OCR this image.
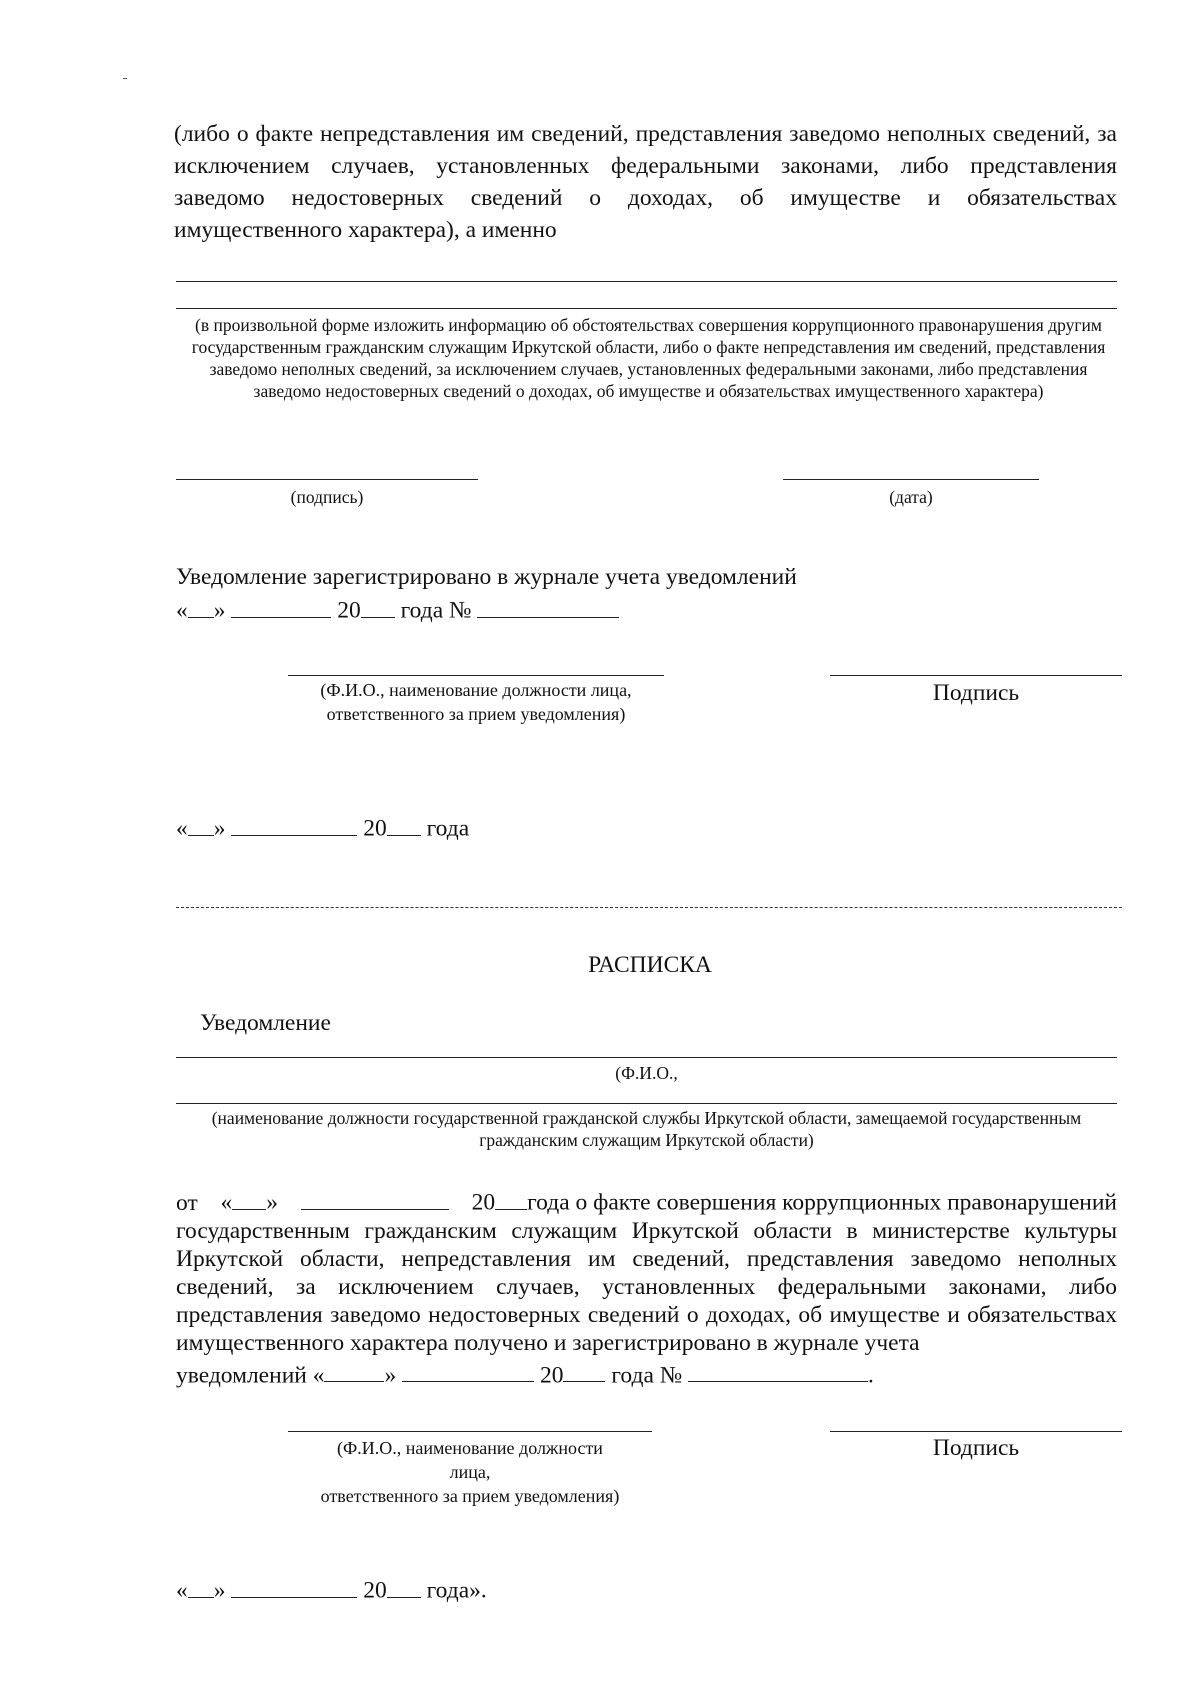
(либо о факте непредставления им сведений, представления заведомо неполных сведений, за исключением случаев, установленных федеральными законами, либо представления заведомо недостоверных сведений о доходах, об имуществе и обязательствах имущественного характера), а именно
(в произвольной форме изложить информацию об обстоятельствах совершения коррупционного правонарушения другим государственным гражданским служащим Иркутской области, либо о факте непредставления им сведений, представления заведомо неполных сведений, за исключением случаев, установленных федеральными законами, либо представления заведомо недостоверных сведений о доходах, об имуществе и обязательствах имущественного характера)
(подпись)	(дата)
Уведомление зарегистрировано в журнале учета уведомлений
« »	20 года №
(Ф.И.О., наименование должности лица, ответственного за прием уведомления)
Подпись
« »	20 года
РАСПИСКА
Уведомление
(Ф.И.О.,
(наименование должности государственной гражданской службы Иркутской области, замещаемой государственным гражданским служащим Иркутской области)
от « »	20 года о факте совершения коррупционных правонарушений
государственным гражданским служащим Иркутской области в министерстве культуры Иркутской области, непредставления им сведений, представления заведомо неполных сведений, за исключением случаев, установленных федеральными законами, либо представления заведомо недостоверных сведений о доходах, об имуществе и обязательствах имущественного характера получено и зарегистрировано в журнале учета
уведомлений «	»	20 года №	.
(Ф.И.О., наименование должности
лица,
ответственного за прием уведомления)
Подпись
« »	20 года».
